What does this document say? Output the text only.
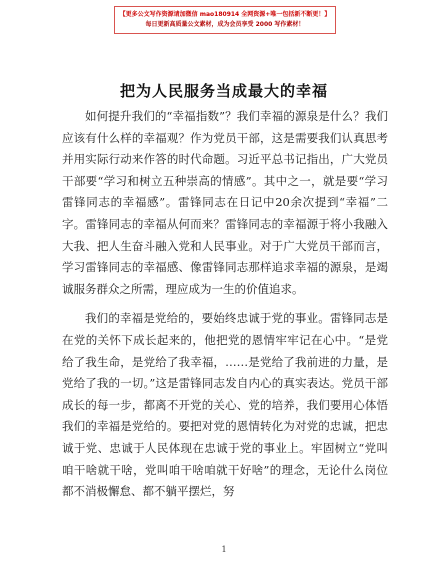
【更多公文写作资源请加微信 mao180914 全网资源+唯一包括新不断更！】
每日更新高质量公文素材，成为会员享受 2000 写作素材！
把为人民服务当成最大的幸福

如何提升我们的“幸福指数”？我们幸福的源泉是什么？我们应该有什么样的幸福观？作为党员干部，这是需要我们认真思考并用实际行动来作答的时代命题。习近平总书记指出，广大党员干部要“学习和树立五种崇高的情感”。其中之一，就是要“学习雷锋同志的幸福感”。雷锋同志在日记中20余次提到“幸福”二字。雷锋同志的幸福从何而来？雷锋同志的幸福源于将小我融入大我、把人生奋斗融入党和人民事业。对于广大党员干部而言，学习雷锋同志的幸福感、像雷锋同志那样追求幸福的源泉，是竭诚服务群众之所需，理应成为一生的价值追求。

我们的幸福是党给的，要始终忠诚于党的事业。雷锋同志是在党的关怀下成长起来的，他把党的恩情牢牢记在心中。“是党给了我生命，是党给了我幸福，……是党给了我前进的力量，是党给了我的一切。”这是雷锋同志发自内心的真实表达。党员干部成长的每一步，都离不开党的关心、党的培养，我们要用心体悟我们的幸福是党给的。要把对党的恩情转化为对党的忠诚，把忠诚于党、忠诚于人民体现在忠诚于党的事业上。牢固树立“党叫咱干啥就干啥，党叫咱干啥咱就干好啥”的理念，无论什么岗位都不消极懈怠、都不躺平摆烂，努

1
